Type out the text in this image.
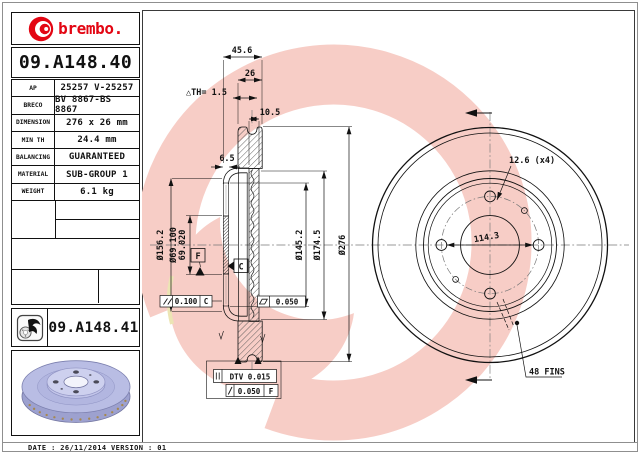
brembo.
09.A148.40
AP	25257 V-25257
BRECO	BV 8867-BS 8867
DIMENSION	276 x 26 mm
MIN TH	24.4 mm
BALANCING	GUARANTEED
MATERIAL	SUB-GROUP 1
WEIGHT	6.1 kg
09.A148.41
DATE : 26/11/2014 VERSION : 01
45.6
26
△TH= 1.5
10.5
6.5
Ø156.2 Ø69.100 69.020	Ø145.2 Ø174.5 Ø276
F
C
0.100 C	0.050
DTV 0.015
0.050 F
12.6 (x4)
114.3
48 FINS
